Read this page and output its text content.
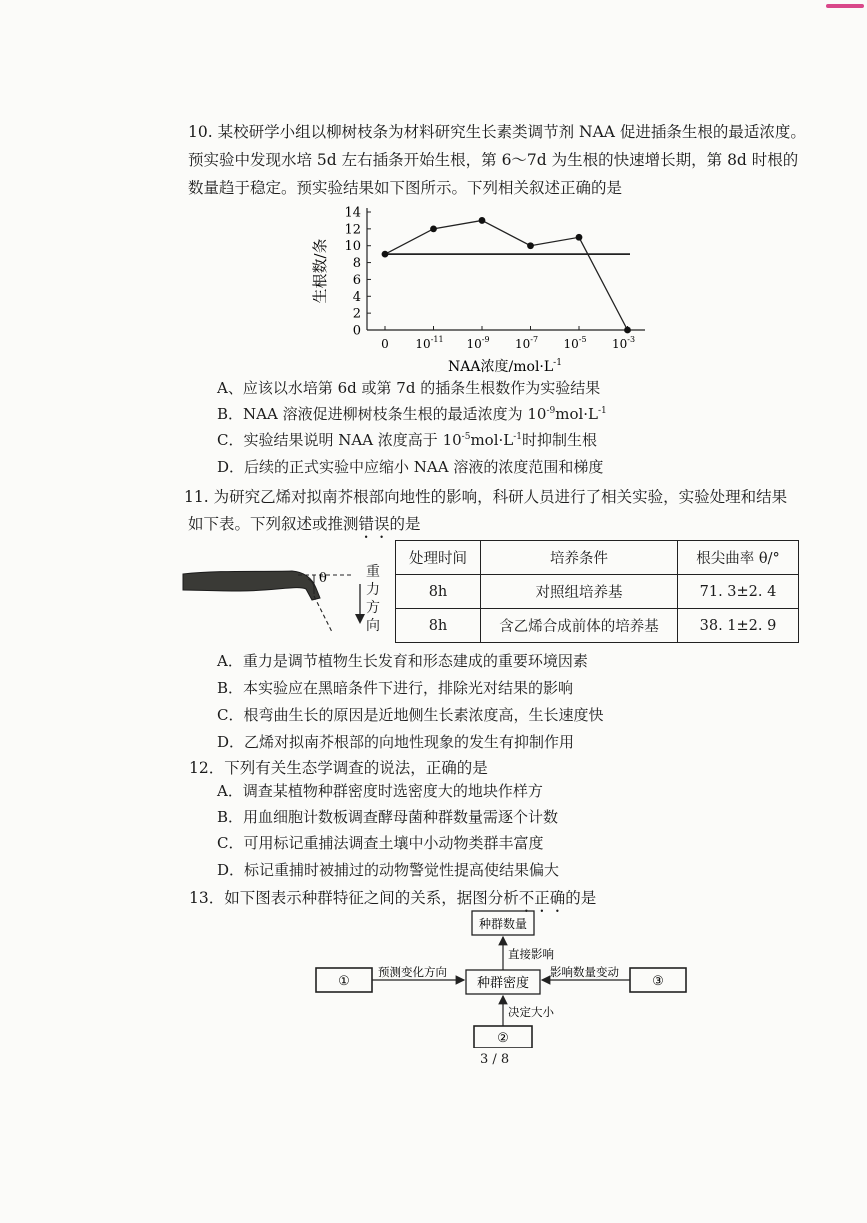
10. 某校研学小组以柳树枝条为材料研究生长素类调节剂 NAA 促进插条生根的最适浓度。
预实验中发现水培 5d 左右插条开始生根，第 6～7d 为生根的快速增长期，第 8d 时根的
数量趋于稳定。预实验结果如下图所示。下列相关叙述正确的是
0
2
4
6
8
10
12
14
0 $10^{-11}$ $10^{-9}$ $10^{-7}$ $10^{-5}$ $10^{-3}$
生根数/条
NAA浓度$/mol\cdot L^{-1}$
A、应该以水培第 6d 或第 7d 的插条生根数作为实验结果
B．NAA 溶液促进柳树枝条生根的最适浓度为 $10^{-9}mol\cdot L^{-1}$
C．实验结果说明 NAA 浓度高于 $10^{-5}mol\cdot L^{-1}$时抑制生根
D．后续的正式实验中应缩小 NAA 溶液的浓度范围和梯度
11. 为研究乙烯对拟南芥根部向地性的影响，科研人员进行了相关实验，实验处理和结果
如下表。下列叙述或推测错误的是
θ	重
力
方
向
处理时间	培养条件	根尖曲率 θ/°
8h	对照组培养基	71. 3±2. 4
8h	含乙烯合成前体的培养基	38. 1±2. 9
A．重力是调节植物生长发育和形态建成的重要环境因素
B．本实验应在黑暗条件下进行，排除光对结果的影响
C．根弯曲生长的原因是近地侧生长素浓度高，生长速度快
D．乙烯对拟南芥根部的向地性现象的发生有抑制作用
12．下列有关生态学调查的说法，正确的是
A．调查某植物种群密度时选密度大的地块作样方
B．用血细胞计数板调查酵母菌种群数量需逐个计数
C．可用标记重捕法调查土壤中小动物类群丰富度
D．标记重捕时被捕过的动物警觉性提高使结果偏大
13．如下图表示种群特征之间的关系，据图分析不正确的是
种群数量
种群密度
①	③
②
直接影响
预测变化方向	影响数量变动
决定大小
3 / 8
